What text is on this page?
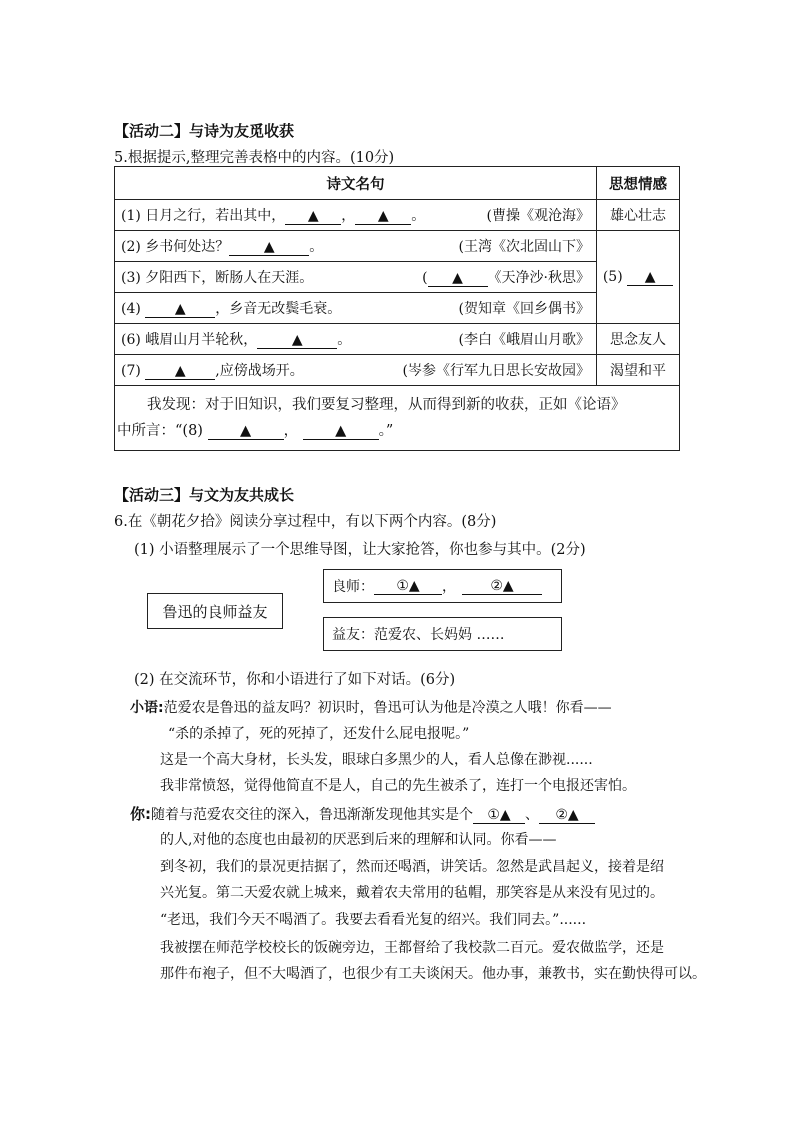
【活动二】与诗为友觅收获
5.根据提示,整理完善表格中的内容。(10分)
诗文名句	思想情感

(1) 日月之行，若出其中， ▲ ， ▲ 。 (曹操《观沧海》	雄心壮志

(2) 乡书何处达？ ▲ 。 (王湾《次北固山下》	(5) ▲

(3) 夕阳西下，断肠人在天涯。 ( ▲ 《天净沙·秋思》	

(4) ▲ ，乡音无改鬓毛衰。 (贺知章《回乡偶书》	

(6) 峨眉山月半轮秋， ▲ 。 (李白《峨眉山月歌》	思念友人

(7) ▲ ,应傍战场开。 (岑参《行军九日思长安故园》	渴望和平

我发现：对于旧知识，我们要复习整理，从而得到新的收获，正如《论语》
中所言：“(8) ▲ ， ▲ 。”	
【活动三】与文为友共成长
6.在《朝花夕拾》阅读分享过程中，有以下两个内容。(8分)
(1) 小语整理展示了一个思维导图，让大家抢答，你也参与其中。(2分)
鲁迅的良师益友
良师：	①▲	，	②▲
益友：范爱农、长妈妈 ……
(2) 在交流环节，你和小语进行了如下对话。(6分)
小语:范爱农是鲁迅的益友吗？初识时，鲁迅可认为他是冷漠之人哦！你看——
“杀的杀掉了，死的死掉了，还发什么屁电报呢。”
这是一个高大身材，长头发，眼球白多黑少的人，看人总像在渺视......
我非常愤怒，觉得他简直不是人，自己的先生被杀了，连打一个电报还害怕。
你:随着与范爱农交往的深入，鲁迅渐渐发现他其实是个 ①▲ 、 ②▲
的人,对他的态度也由最初的厌恶到后来的理解和认同。你看——
到冬初，我们的景况更拮据了，然而还喝酒，讲笑话。忽然是武昌起义，接着是绍
兴光复。第二天爱农就上城来，戴着农夫常用的毡帽，那笑容是从来没有见过的。
“老迅，我们今天不喝酒了。我要去看看光复的绍兴。我们同去。”......
我被摆在师范学校校长的饭碗旁边，王都督给了我校款二百元。爱农做监学，还是
那件布袍子，但不大喝酒了，也很少有工夫谈闲天。他办事，兼教书，实在勤快得可以。
